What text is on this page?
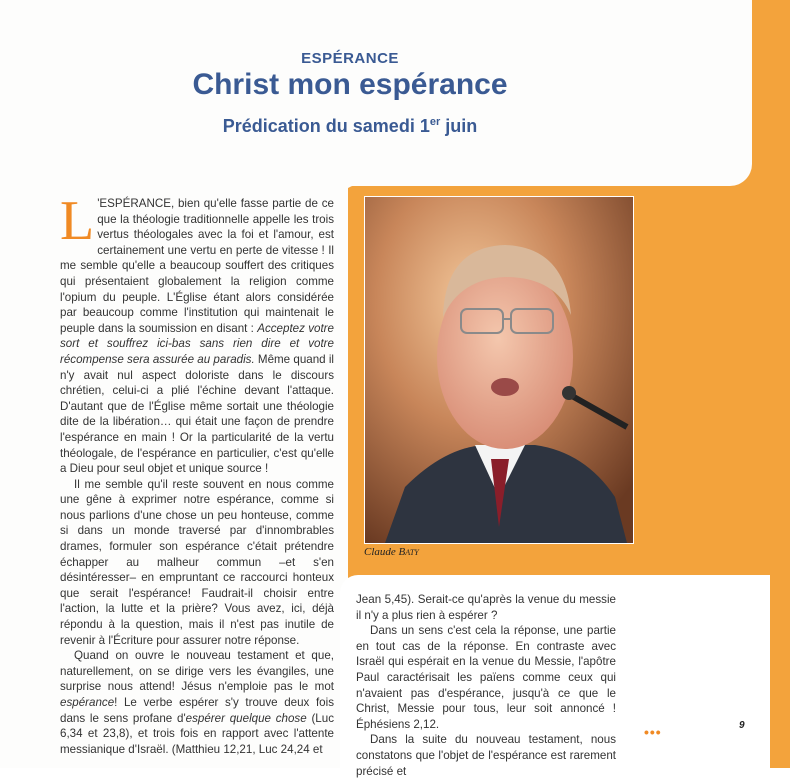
ESPÉRANCE
Christ mon espérance
Prédication du samedi 1er juin

L 'ESPÉRANCE, bien qu'elle fasse partie de ce que la théologie traditionnelle appelle les trois vertus théologales avec la foi et l'amour, est certainement une vertu en perte de vitesse ! Il me semble qu'elle a beaucoup souffert des critiques qui présentaient globalement la religion comme l'opium du peuple. L'Église étant alors considérée par beaucoup comme l'institution qui maintenait le peuple dans la soumission en disant : Acceptez votre sort et souffrez ici-bas sans rien dire et votre récompense sera assurée au paradis. Même quand il n'y avait nul aspect doloriste dans le discours chrétien, celui-ci a plié l'échine devant l'attaque. D'autant que de l'Église même sortait une théologie dite de la libération… qui était une façon de prendre l'espérance en main ! Or la particularité de la vertu théologale, de l'espérance en particulier, c'est qu'elle a Dieu pour seul objet et unique source !

Il me semble qu'il reste souvent en nous comme une gêne à exprimer notre espérance, comme si nous parlions d'une chose un peu honteuse, comme si dans un monde traversé par d'innombrables drames, formuler son espérance c'était prétendre échapper au malheur commun –et s'en désintéresser– en empruntant ce raccourci honteux que serait l'espérance! Faudrait-il choisir entre l'action, la lutte et la prière? Vous avez, ici, déjà répondu à la question, mais il n'est pas inutile de revenir à l'Écriture pour assurer notre réponse.

Quand on ouvre le nouveau testament et que, naturellement, on se dirige vers les évangiles, une surprise nous attend! Jésus n'emploie pas le mot espérance! Le verbe espérer s'y trouve deux fois dans le sens profane d'espérer quelque chose (Luc 6,34 et 23,8), et trois fois en rapport avec l'attente messianique d'Israël. (Matthieu 12,21, Luc 24,24 et

Claude Baty

Jean 5,45). Serait-ce qu'après la venue du messie il n'y a plus rien à espérer ?

Dans un sens c'est cela la réponse, une partie en tout cas de la réponse. En contraste avec Israël qui espérait en la venue du Messie, l'apôtre Paul caractérisait les païens comme ceux qui n'avaient pas d'espérance, jusqu'à ce que le Christ, Messie pour tous, leur soit annoncé ! Éphésiens 2,12.

Dans la suite du nouveau testament, nous constatons que l'objet de l'espérance est rarement précisé et

•••	9
